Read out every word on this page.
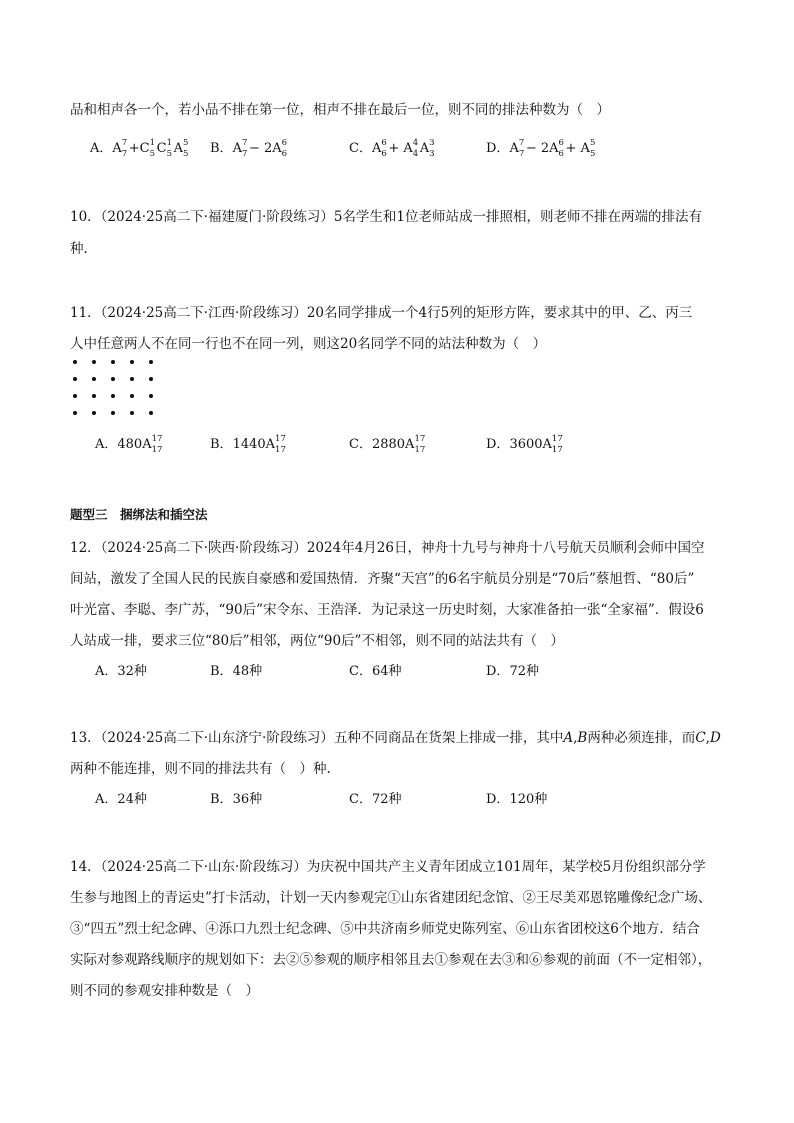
品和相声各一个，若小品不排在第一位，相声不排在最后一位，则不同的排法种数为（　）
A．A 7
7 +C 1
5 C 1
5 A 5
5 B．A 7
7 − 2A 6
6	C．A 6
6 + A 4
4 A 3
3	D．A 7
7 − 2A 6
6 + A 5
5
10．（2024·25高二下·福建厦门·阶段练习）5名学生和1位老师站成一排照相，则老师不排在两端的排法有
种.
11．（2024·25高二下·江西·阶段练习）20名同学排成一个4行5列的矩形方阵，要求其中的甲、乙、丙三
人中任意两人不在同一行也不在同一列，则这20名同学不同的站法种数为（　）
A．480A 17
17	B．1440A 17
17	C．2880A 17
17	D．3600A 17
17
题型三　捆绑法和插空法
12．（2024·25高二下·陕西·阶段练习）2024年4月26日，神舟十九号与神舟十八号航天员顺利会师中国空
间站，激发了全国人民的民族自豪感和爱国热情．齐聚“天宫”的6名宇航员分别是“70后”蔡旭哲、“80后”
叶光富、李聪、李广苏，“90后”宋令东、王浩泽．为记录这一历史时刻，大家准备拍一张“全家福”．假设6
人站成一排，要求三位“80后”相邻，两位“90后”不相邻，则不同的站法共有（　）
A．32种	B．48种	C．64种	D．72种
13．（2024·25高二下·山东济宁·阶段练习）五种不同商品在货架上排成一排，其中A,B两种必须连排，而C,D
两种不能连排，则不同的排法共有（　）种.
A．24种	B．36种	C．72种	D．120种
14．（2024·25高二下·山东·阶段练习）为庆祝中国共产主义青年团成立101周年，某学校5月份组织部分学
生参与地图上的青运史”打卡活动，计划一天内参观完①山东省建团纪念馆、②王尽美邓恩铭雕像纪念广场、
③“四五”烈士纪念碑、④泺口九烈士纪念碑、⑤中共济南乡师党史陈列室、⑥山东省团校这6个地方．结合
实际对参观路线顺序的规划如下：去②⑤参观的顺序相邻且去①参观在去③和⑥参观的前面（不一定相邻），
则不同的参观安排种数是（　）
